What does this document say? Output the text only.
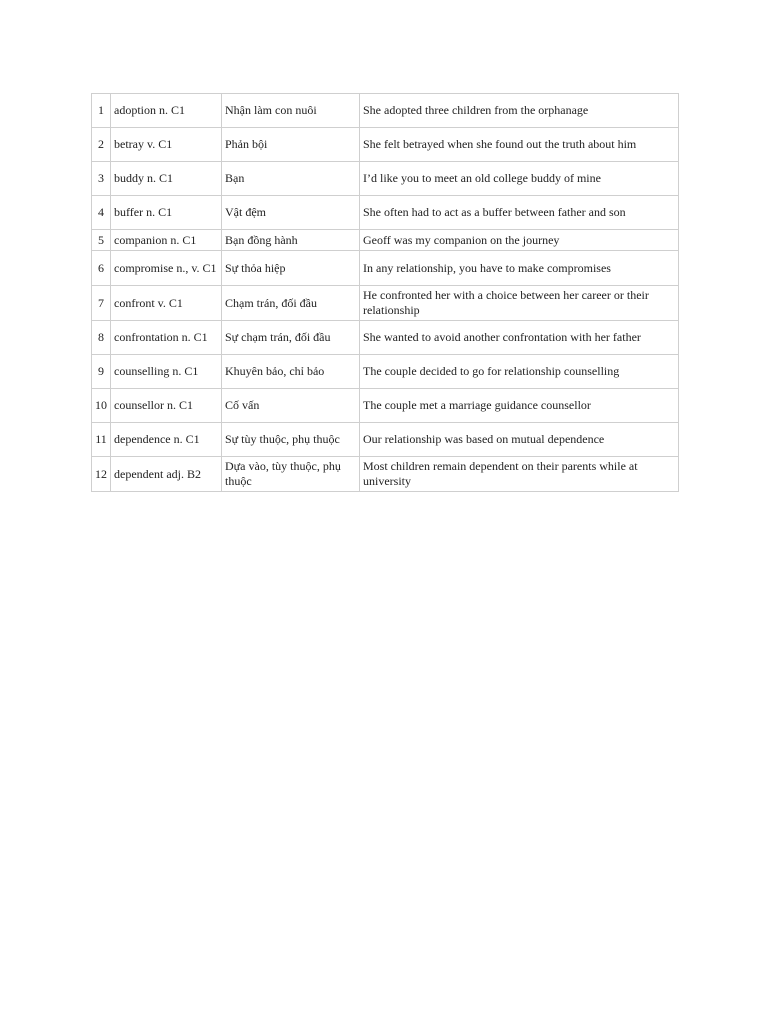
1	adoption n. C1	Nhận làm con nuôi	She adopted three children from the orphanage
2	betray v. C1	Phản bội	She felt betrayed when she found out the truth about him
3	buddy n. C1	Bạn	I’d like you to meet an old college buddy of mine
4	buffer n. C1	Vật đệm	She often had to act as a buffer between father and son
5	companion n. C1	Bạn đồng hành	Geoff was my companion on the journey
6	compromise n., v. C1	Sự thỏa hiệp	In any relationship, you have to make compromises
7	confront v. C1	Chạm trán, đối đầu	He confronted her with a choice between her career or their relationship
8	confrontation n. C1	Sự chạm trán, đối đầu	She wanted to avoid another confrontation with her father
9	counselling n. C1	Khuyên bảo, chỉ bảo	The couple decided to go for relationship counselling
10	counsellor n. C1	Cố vấn	The couple met a marriage guidance counsellor
11	dependence n. C1	Sự tùy thuộc, phụ thuộc	Our relationship was based on mutual dependence
12	dependent adj. B2	Dựa vào, tùy thuộc, phụ thuộc	Most children remain dependent on their parents while at university
